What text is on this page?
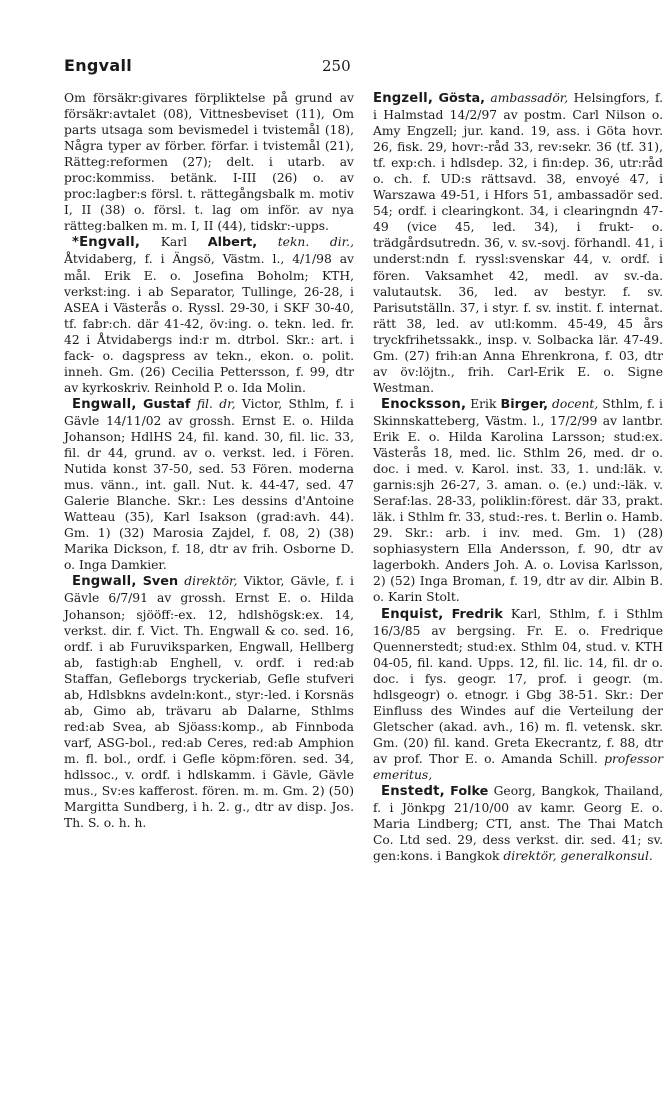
Engvall	250

Om försäkr:givares förpliktelse på grund av försäkr:avtalet (08), Vittnesbeviset (11), Om parts utsaga som bevismedel i tvistemål (18), Några typer av förber. förfar. i tvistemål (21), Rätteg:reformen (27); delt. i utarb. av proc:kommiss. betänk. I-III (26) o. av proc:lagber:s försl. t. rättegångsbalk m. motiv I, II (38) o. försl. t. lag om inför. av nya rätteg:balken m. m. I, II (44), tidskr:-upps.

*Engvall, Karl Albert, tekn. dir., Åtvidaberg, f. i Ängsö, Västm. l., 4/1/98 av mål. Erik E. o. Josefina Boholm; KTH, verkst:ing. i ab Separator, Tullinge, 26-28, i ASEA i Västerås o. Ryssl. 29-30, i SKF 30-40, tf. fabr:ch. där 41-42, öv:ing. o. tekn. led. fr. 42 i Åtvidabergs ind:r m. dtrbol. Skr.: art. i fack- o. dagspress av tekn., ekon. o. polit. inneh. Gm. (26) Cecilia Pettersson, f. 99, dtr av kyrkoskriv. Reinhold P. o. Ida Molin.

Engwall, Gustaf fil. dr, Victor, Sthlm, f. i Gävle 14/11/02 av grossh. Ernst E. o. Hilda Johanson; HdlHS 24, fil. kand. 30, fil. lic. 33, fil. dr 44, grund. av o. verkst. led. i Fören. Nutida konst 37-50, sed. 53 Fören. moderna mus. vänn., int. gall. Nut. k. 44-47, sed. 47 Galerie Blanche. Skr.: Les dessins d'Antoine Watteau (35), Karl Isakson (grad:avh. 44). Gm. 1) (32) Marosia Zajdel, f. 08, 2) (38) Marika Dickson, f. 18, dtr av frih. Osborne D. o. Inga Damkier.

Engwall, Sven direktör, Viktor, Gävle, f. i Gävle 6/7/91 av grossh. Ernst E. o. Hilda Johanson; sjööff:-ex. 12, hdlshögsk:ex. 14, verkst. dir. f. Vict. Th. Engwall & co. sed. 16, ordf. i ab Furuviksparken, Engwall, Hellberg ab, fastigh:ab Enghell, v. ordf. i red:ab Staffan, Gefleborgs tryckeriab, Gefle stufveri ab, Hdlsbkns avdeln:kont., styr:-led. i Korsnäs ab, Gimo ab, trävaru ab Dalarne, Sthlms red:ab Svea, ab Sjöass:komp., ab Finnboda varf, ASG-bol., red:ab Ceres, red:ab Amphion m. fl. bol., ordf. i Gefle köpm:fören. sed. 34, hdlssoc., v. ordf. i hdlskamm. i Gävle, Gävle mus., Sv:es kafferost. fören. m. m. Gm. 2) (50) Margitta Sundberg, i h. 2. g., dtr av disp. Jos. Th. S. o. h. h.

Engzell, Gösta, ambassadör, Helsingfors, f. i Halmstad 14/2/97 av postm. Carl Nilson o. Amy Engzell; jur. kand. 19, ass. i Göta hovr. 26, fisk. 29, hovr:-råd 33, rev:sekr. 36 (tf. 31), tf. exp:ch. i hdlsdep. 32, i fin:dep. 36, utr:råd o. ch. f. UD:s rättsavd. 38, envoyé 47, i Warszawa 49-51, i Hfors 51, ambassadör sed. 54; ordf. i clearingkont. 34, i clearingndn 47-49 (vice 45, led. 34), i frukt- o. trädgårdsutredn. 36, v. sv.-sovj. förhandl. 41, i underst:ndn f. ryssl:svenskar 44, v. ordf. i fören. Vaksamhet 42, medl. av sv.-da. valutautsk. 36, led. av bestyr. f. sv. Parisutställn. 37, i styr. f. sv. instit. f. internat. rätt 38, led. av utl:komm. 45-49, 45 års tryckfrihetssakk., insp. v. Solbacka lär. 47-49. Gm. (27) frih:an Anna Ehrenkrona, f. 03, dtr av öv:löjtn., frih. Carl-Erik E. o. Signe Westman.

Enocksson, Erik Birger, docent, Sthlm, f. i Skinnskatteberg, Västm. l., 17/2/99 av lantbr. Erik E. o. Hilda Karolina Larsson; stud:ex. Västerås 18, med. lic. Sthlm 26, med. dr o. doc. i med. v. Karol. inst. 33, 1. und:läk. v. garnis:sjh 26-27, 3. aman. o. (e.) und:-läk. v. Seraf:las. 28-33, poliklin:förest. där 33, prakt. läk. i Sthlm fr. 33, stud:-res. t. Berlin o. Hamb. 29. Skr.: arb. i inv. med. Gm. 1) (28) sophiasystern Ella Andersson, f. 90, dtr av lagerbokh. Anders Joh. A. o. Lovisa Karlsson, 2) (52) Inga Broman, f. 19, dtr av dir. Albin B. o. Karin Stolt.

Enquist, Fredrik Karl, Sthlm, f. i Sthlm 16/3/85 av bergsing. Fr. E. o. Fredrique Quennerstedt; stud:ex. Sthlm 04, stud. v. KTH 04-05, fil. kand. Upps. 12, fil. lic. 14, fil. dr o. doc. i fys. geogr. 17, prof. i geogr. (m. hdlsgeogr) o. etnogr. i Gbg 38-51. Skr.: Der Einfluss des Windes auf die Verteilung der Gletscher (akad. avh., 16) m. fl. vetensk. skr. Gm. (20) fil. kand. Greta Ekecrantz, f. 88, dtr av prof. Thor E. o. Amanda Schill. professor emeritus,

Enstedt, Folke Georg, Bangkok, Thailand, f. i Jönkpg 21/10/00 av kamr. Georg E. o. Maria Lindberg; CTI, anst. The Thai Match Co. Ltd sed. 29, dess verkst. dir. sed. 41; sv. gen:kons. i Bangkok direktör, generalkonsul.
